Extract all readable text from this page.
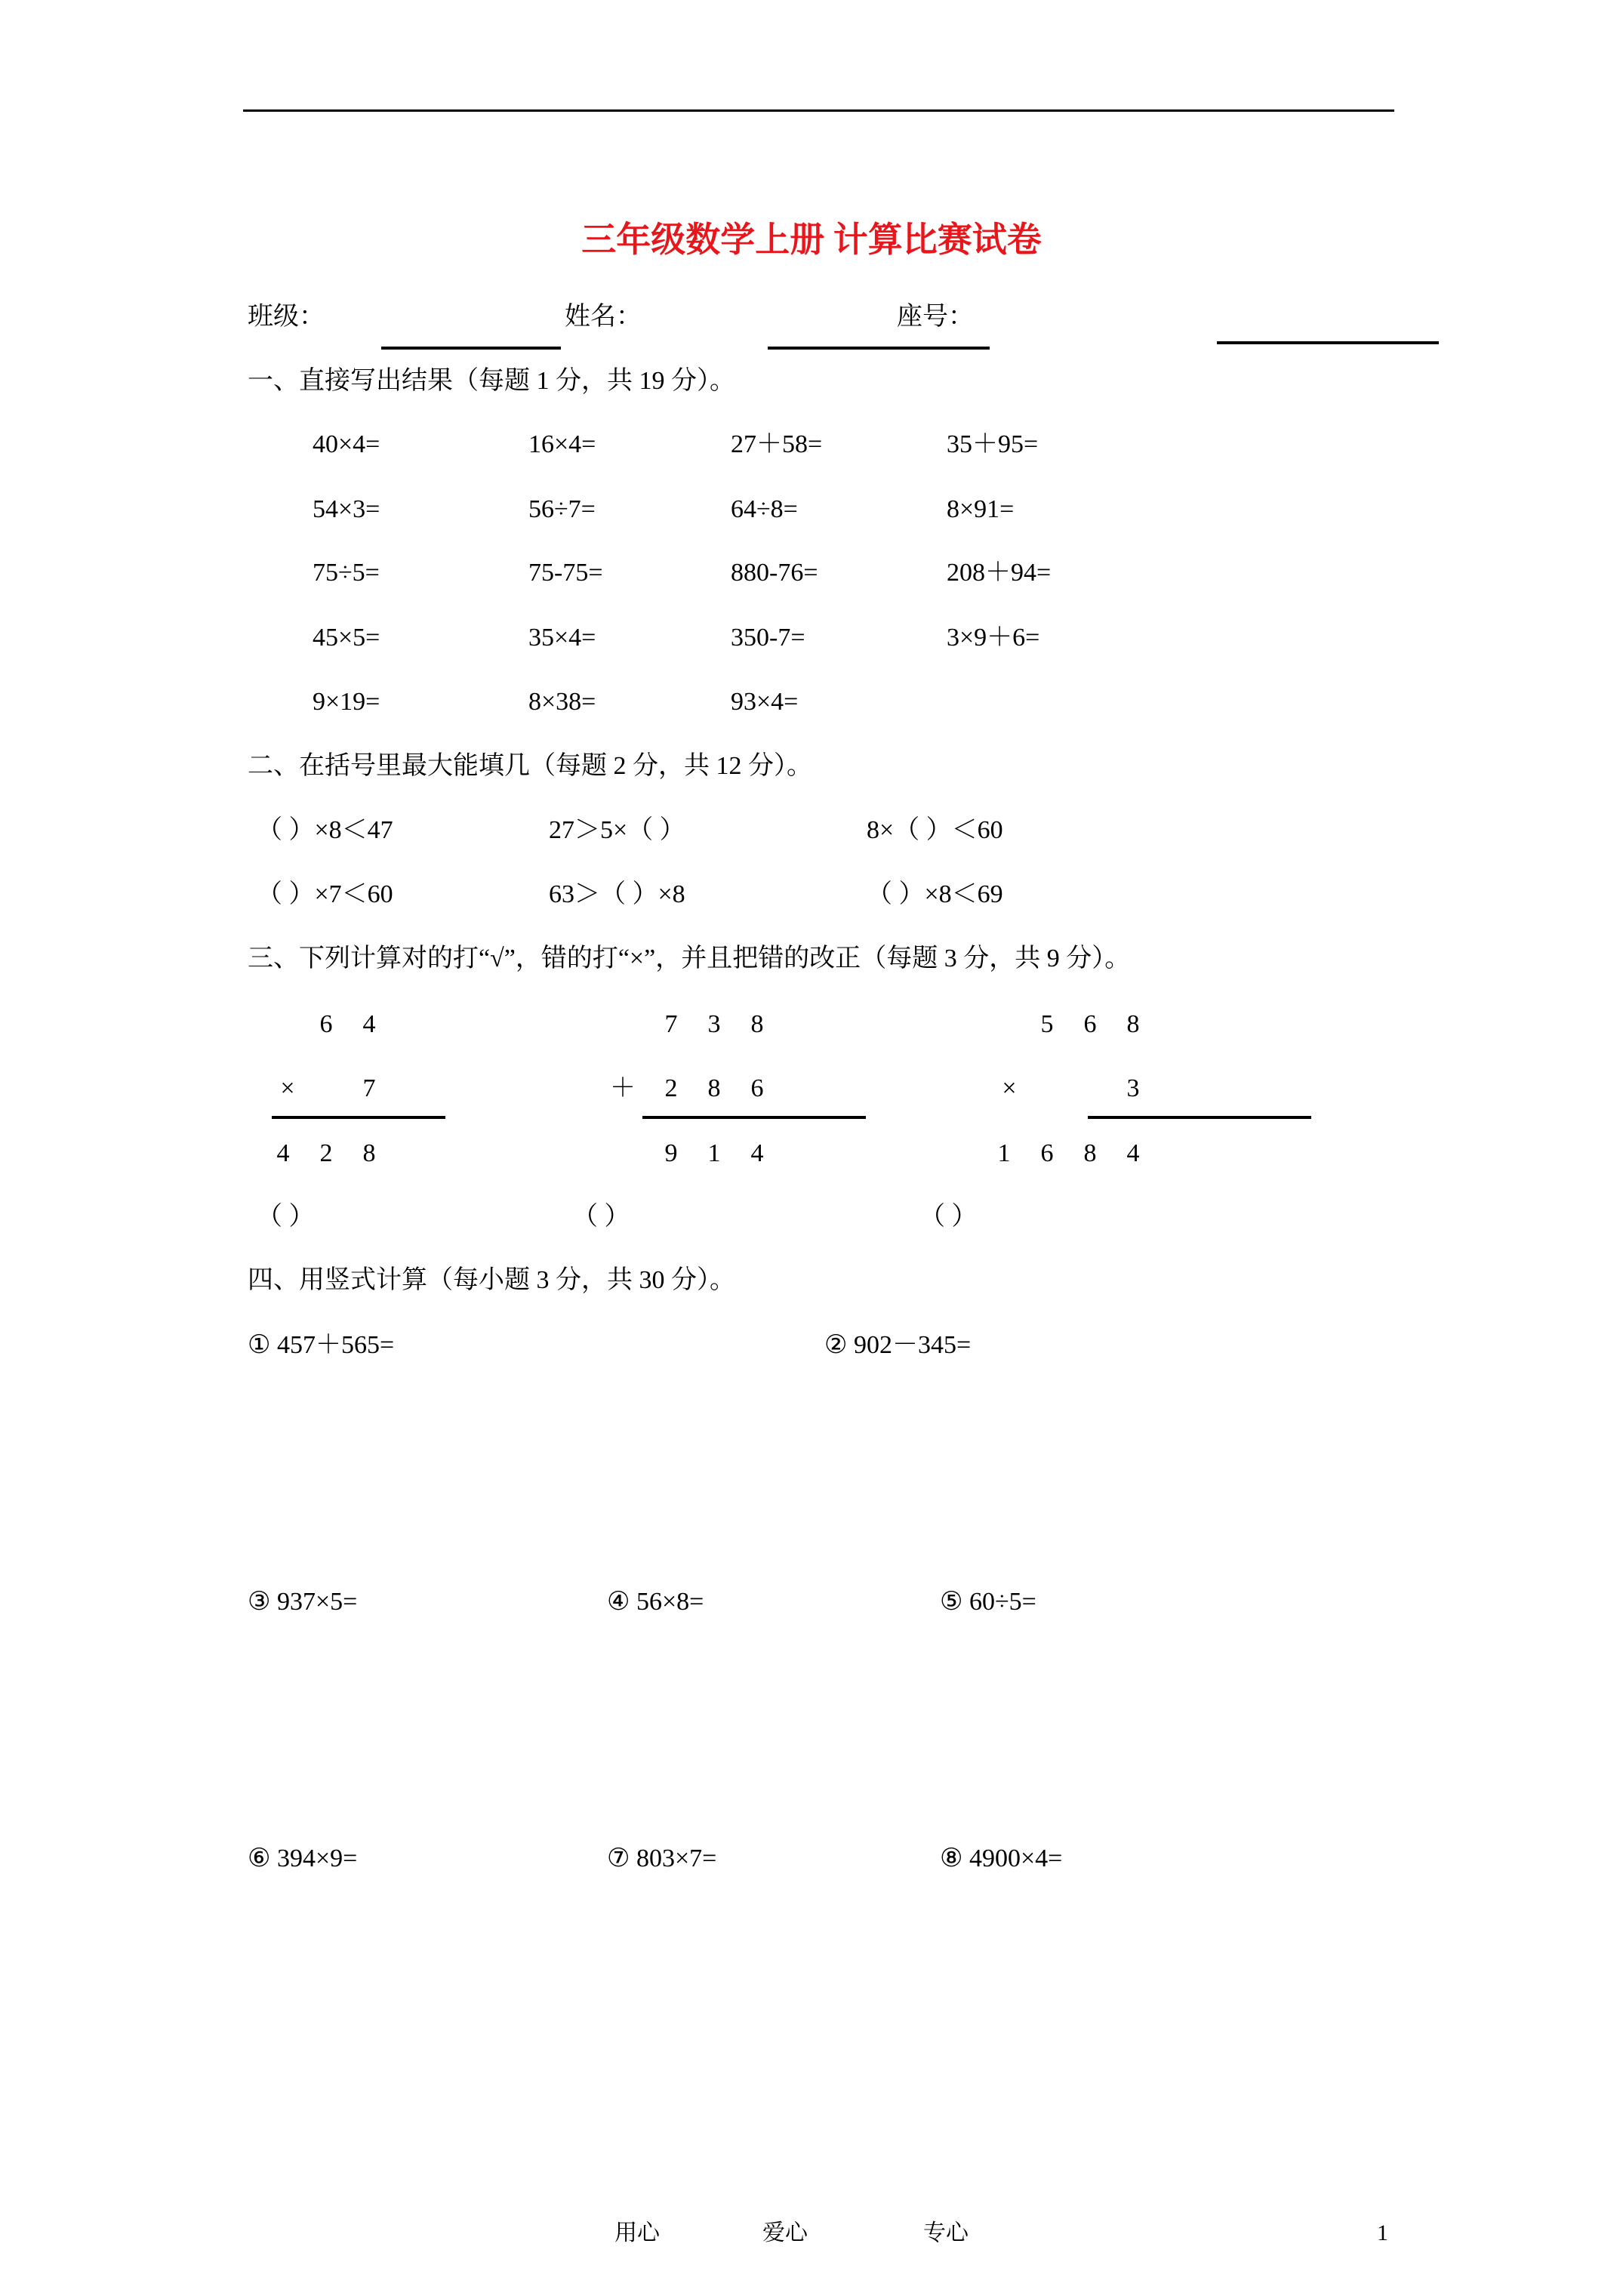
三年级数学上册 计算比赛试卷
班级：	姓名：	座号：
一、直接写出结果（每题 1 分，共 19 分）。
40×4=	16×4=	27＋58=	35＋95=
54×3=	56÷7=	64÷8=	8×91=
75÷5=	75-75=	880-76=	208＋94=
45×5=	35×4=	350-7=	3×9＋6=
9×19=	8×38=	93×4=
二、在括号里最大能填几（每题 2 分，共 12 分）。
（ ）×8＜47	27＞5×（ ）	8×（ ）＜60
（ ）×7＜60	63＞（ ）×8	（ ）×8＜69
三、下列计算对的打“√”，错的打“×”，并且把错的改正（每题 3 分，共 9 分）。
6 4
×	7
4 2 8
（ ）
7 3 8
＋ 2 8 6
9 1 4
（ ）
5 6 8
×	3
1 6 8 4
（ ）
四、用竖式计算（每小题 3 分，共 30 分）。
① 457＋565=	② 902－345=
③ 937×5=	④ 56×8=	⑤ 60÷5=
⑥ 394×9=	⑦ 803×7=	⑧ 4900×4=
用心	爱心	专心	1
